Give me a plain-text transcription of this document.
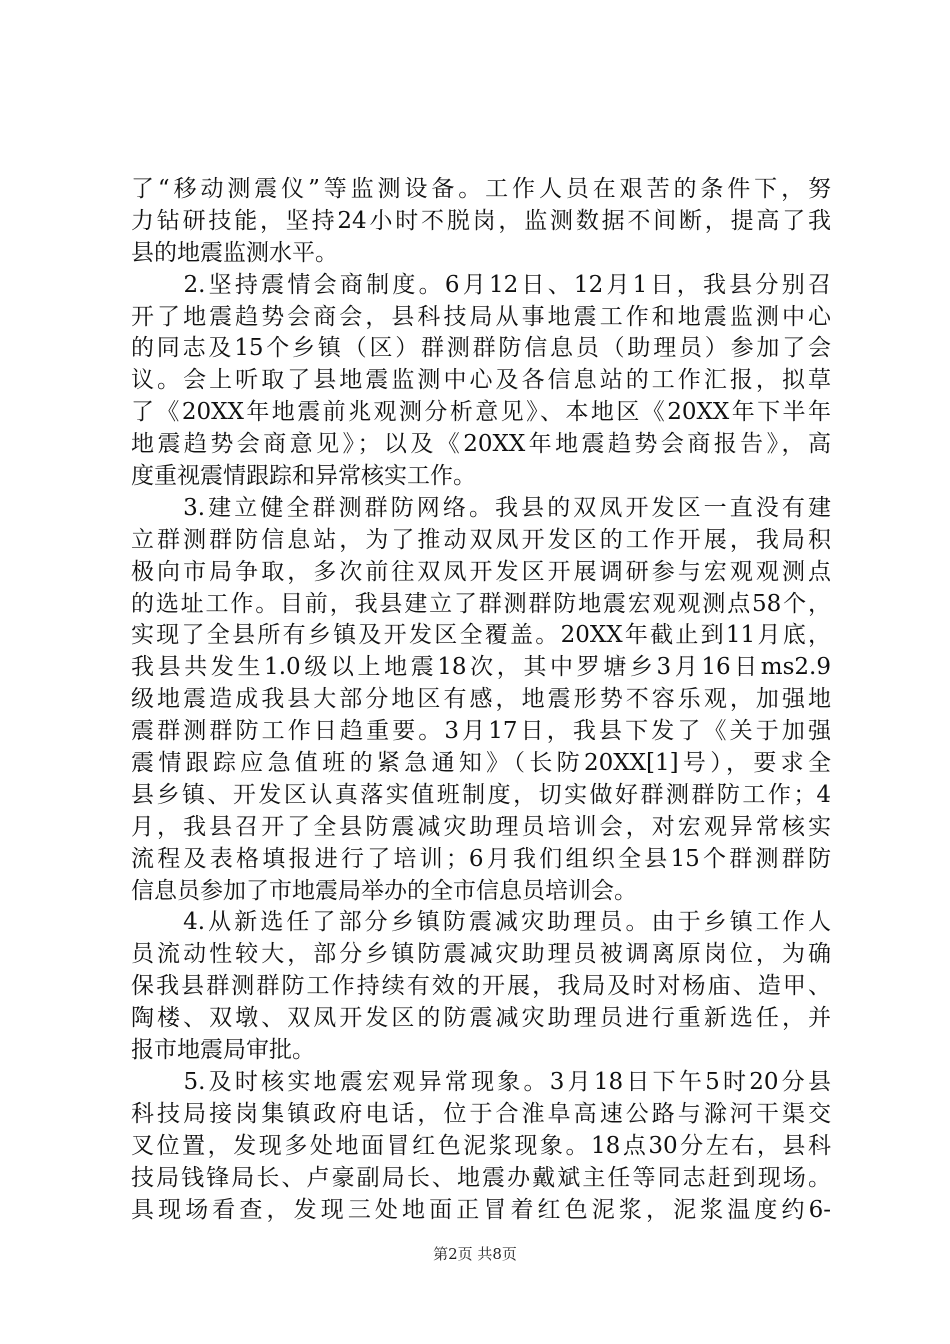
了“移动测震仪”等监测设备。工作人员在艰苦的条件下，努
力钻研技能，坚持24小时不脱岗，监测数据不间断，提高了我
县的地震监测水平。
　　2.坚持震情会商制度。6月12日、12月1日，我县分别召
开了地震趋势会商会，县科技局从事地震工作和地震监测中心
的同志及15个乡镇（区）群测群防信息员（助理员）参加了会
议。会上听取了县地震监测中心及各信息站的工作汇报，拟草
了《20XX年地震前兆观测分析意见》、本地区《20XX年下半年
地震趋势会商意见》；以及《20XX年地震趋势会商报告》，高
度重视震情跟踪和异常核实工作。
　　3.建立健全群测群防网络。我县的双凤开发区一直没有建
立群测群防信息站，为了推动双凤开发区的工作开展，我局积
极向市局争取，多次前往双凤开发区开展调研参与宏观观测点
的选址工作。目前，我县建立了群测群防地震宏观观测点58个，
实现了全县所有乡镇及开发区全覆盖。20XX年截止到11月底，
我县共发生1.0级以上地震18次，其中罗塘乡3月16日ms2.9
级地震造成我县大部分地区有感，地震形势不容乐观，加强地
震群测群防工作日趋重要。3月17日，我县下发了《关于加强
震情跟踪应急值班的紧急通知》（长防20XX[1]号），要求全
县乡镇、开发区认真落实值班制度，切实做好群测群防工作；4
月，我县召开了全县防震减灾助理员培训会，对宏观异常核实
流程及表格填报进行了培训；6月我们组织全县15个群测群防
信息员参加了市地震局举办的全市信息员培训会。
　　4.从新选任了部分乡镇防震减灾助理员。由于乡镇工作人
员流动性较大，部分乡镇防震减灾助理员被调离原岗位，为确
保我县群测群防工作持续有效的开展，我局及时对杨庙、造甲、
陶楼、双墩、双凤开发区的防震减灾助理员进行重新选任，并
报市地震局审批。
　　5.及时核实地震宏观异常现象。3月18日下午5时20分县
科技局接岗集镇政府电话，位于合淮阜高速公路与滁河干渠交
叉位置，发现多处地面冒红色泥浆现象。18点30分左右，县科
技局钱锋局长、卢豪副局长、地震办戴斌主任等同志赶到现场。
具现场看查，发现三处地面正冒着红色泥浆，泥浆温度约6-
第2页 共8页
